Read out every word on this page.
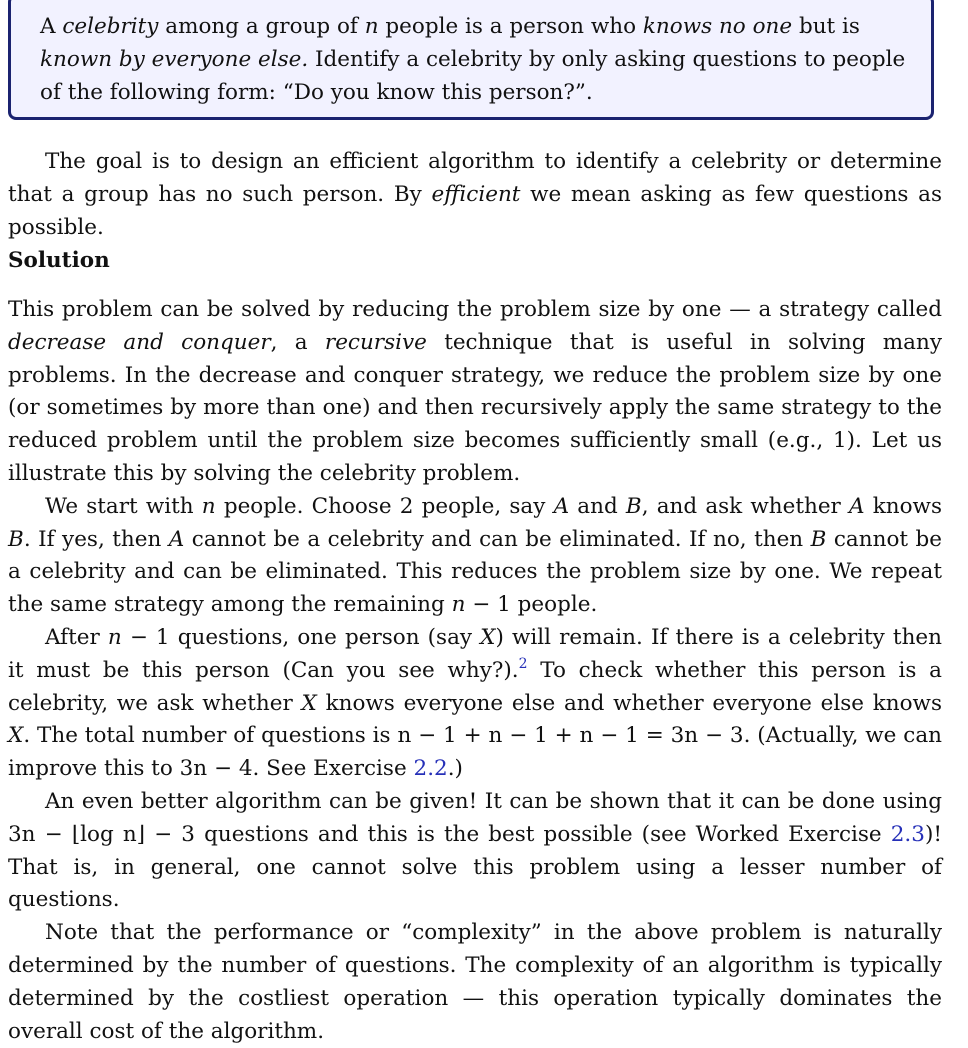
A celebrity among a group of n people is a person who knows no one but is known by everyone else. Identify a celebrity by only asking questions to people of the following form: “Do you know this person?”.

The goal is to design an efficient algorithm to identify a celebrity or determine that a group has no such person. By efficient we mean asking as few questions as possible.

Solution

This problem can be solved by reducing the problem size by one — a strategy called decrease and conquer, a recursive technique that is useful in solving many problems. In the decrease and conquer strategy, we reduce the problem size by one (or sometimes by more than one) and then recursively apply the same strategy to the reduced problem until the problem size becomes sufficiently small (e.g., 1). Let us illustrate this by solving the celebrity problem.

We start with n people. Choose 2 people, say A and B, and ask whether A knows B. If yes, then A cannot be a celebrity and can be eliminated. If no, then B cannot be a celebrity and can be eliminated. This reduces the problem size by one. We repeat the same strategy among the remaining n − 1 people.

After n − 1 questions, one person (say X) will remain. If there is a celebrity then it must be this person (Can you see why?).$^2$ To check whether this person is a celebrity, we ask whether X knows everyone else and whether everyone else knows X. The total number of questions is n − 1 + n − 1 + n − 1 = 3n − 3. (Actually, we can improve this to 3n − 4. See Exercise 2.2.)

An even better algorithm can be given! It can be shown that it can be done using 3n − ⌊log n⌋ − 3 questions and this is the best possible (see Worked Exercise 2.3)! That is, in general, one cannot solve this problem using a lesser number of questions.

Note that the performance or “complexity” in the above problem is naturally determined by the number of questions. The complexity of an algorithm is typically determined by the costliest operation — this operation typically dominates the overall cost of the algorithm.
